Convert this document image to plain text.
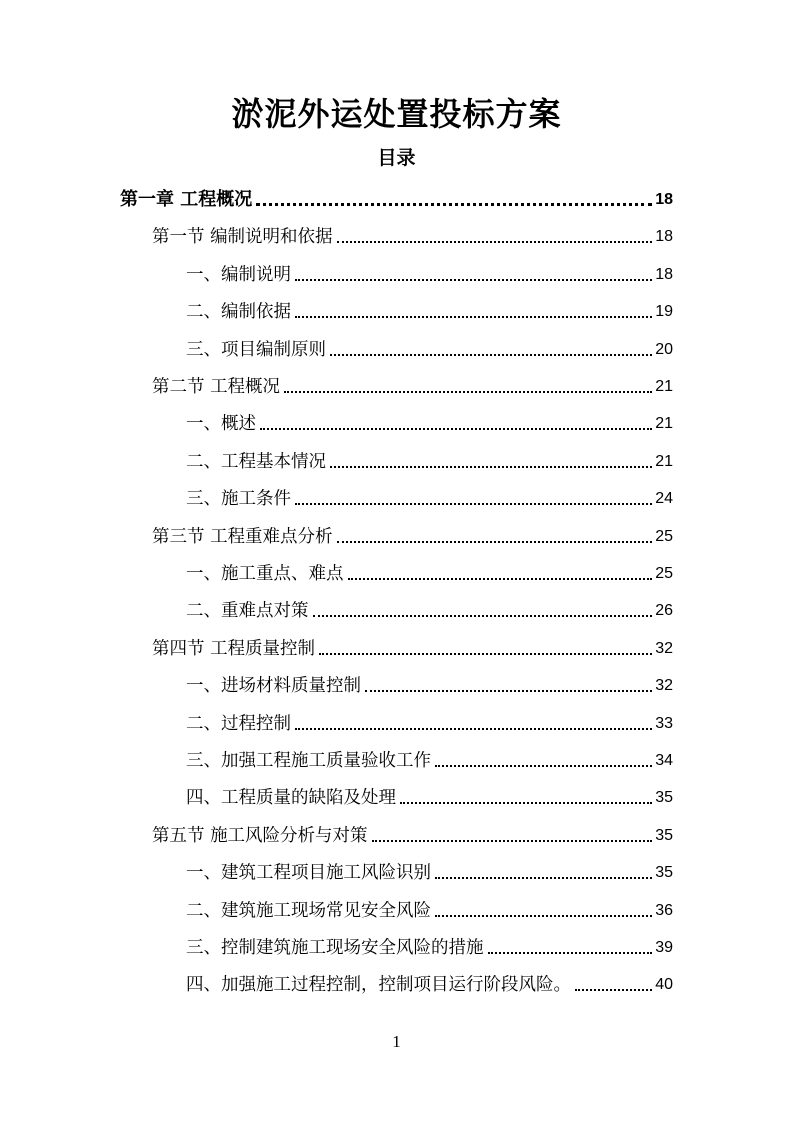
淤泥外运处置投标方案
目录
第一章 工程概况	18
第一节 编制说明和依据	18
一、编制说明	18
二、编制依据	19
三、项目编制原则	20
第二节 工程概况	21
一、概述	21
二、工程基本情况	21
三、施工条件	24
第三节 工程重难点分析	25
一、施工重点、难点	25
二、重难点对策	26
第四节 工程质量控制	32
一、进场材料质量控制	32
二、过程控制	33
三、加强工程施工质量验收工作	34
四、工程质量的缺陷及处理	35
第五节 施工风险分析与对策	35
一、建筑工程项目施工风险识别	35
二、建筑施工现场常见安全风险	36
三、控制建筑施工现场安全风险的措施	39
四、加强施工过程控制，控制项目运行阶段风险。	40
1
